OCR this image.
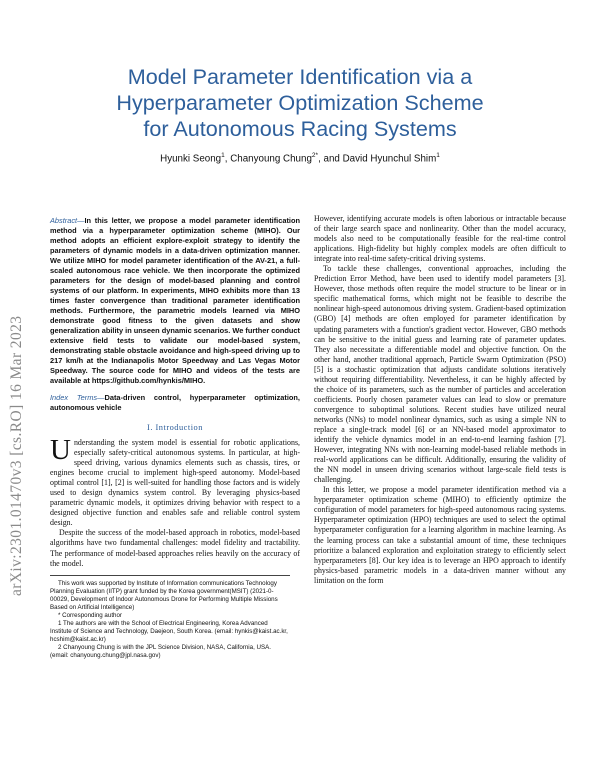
arXiv:2301.01470v3 [cs.RO] 16 Mar 2023
Model Parameter Identification via a
Hyperparameter Optimization Scheme
for Autonomous Racing Systems

Hyunki Seong$^1$, Chanyoung Chung$^{2*}$, and David Hyunchul Shim$^1$

Abstract—In this letter, we propose a model parameter identification method via a hyperparameter optimization scheme (MIHO). Our method adopts an efficient explore-exploit strategy to identify the parameters of dynamic models in a data-driven optimization manner. We utilize MIHO for model parameter identification of the AV-21, a full-scaled autonomous race vehicle. We then incorporate the optimized parameters for the design of model-based planning and control systems of our platform. In experiments, MIHO exhibits more than 13 times faster convergence than traditional parameter identification methods. Furthermore, the parametric models learned via MIHO demonstrate good fitness to the given datasets and show generalization ability in unseen dynamic scenarios. We further conduct extensive field tests to validate our model-based system, demonstrating stable obstacle avoidance and high-speed driving up to 217 km/h at the Indianapolis Motor Speedway and Las Vegas Motor Speedway. The source code for MIHO and videos of the tests are available at https://github.com/hynkis/MIHO.

Index Terms—Data-driven control, hyperparameter optimization, autonomous vehicle

I. Introduction

Understanding the system model is essential for robotic applications, especially safety-critical autonomous systems. In particular, at high-speed driving, various dynamics elements such as chassis, tires, or engines become crucial to implement high-speed autonomy. Model-based optimal control [1], [2] is well-suited for handling those factors and is widely used to design dynamics system control. By leveraging physics-based parametric dynamic models, it optimizes driving behavior with respect to a designed objective function and enables safe and reliable control system design.

Despite the success of the model-based approach in robotics, model-based algorithms have two fundamental challenges: model fidelity and tractability. The performance of model-based approaches relies heavily on the accuracy of the model.

This work was supported by Institute of Information communications Technology Planning Evaluation (IITP) grant funded by the Korea government(MSIT) (2021-0-00029, Development of Indoor Autonomous Drone for Performing Multiple Missions Based on Artificial Intelligence)

* Corresponding author

1 The authors are with the School of Electrical Engineering, Korea Advanced Institute of Science and Technology, Daejeon, South Korea. (email: hynkis@kaist.ac.kr, hcshim@kaist.ac.kr)

2 Chanyoung Chung is with the JPL Science Division, NASA, California, USA. (email: chanyoung.chung@jpl.nasa.gov)

However, identifying accurate models is often laborious or intractable because of their large search space and nonlinearity. Other than the model accuracy, models also need to be computationally feasible for the real-time control applications. High-fidelity but highly complex models are often difficult to integrate into real-time safety-critical driving systems.

To tackle these challenges, conventional approaches, including the Prediction Error Method, have been used to identify model parameters [3]. However, those methods often require the model structure to be linear or in specific mathematical forms, which might not be feasible to describe the nonlinear high-speed autonomous driving system. Gradient-based optimization (GBO) [4] methods are often employed for parameter identification by updating parameters with a function's gradient vector. However, GBO methods can be sensitive to the initial guess and learning rate of parameter updates. They also necessitate a differentiable model and objective function. On the other hand, another traditional approach, Particle Swarm Optimization (PSO) [5] is a stochastic optimization that adjusts candidate solutions iteratively without requiring differentiability. Nevertheless, it can be highly affected by the choice of its parameters, such as the number of particles and acceleration coefficients. Poorly chosen parameter values can lead to slow or premature convergence to suboptimal solutions. Recent studies have utilized neural networks (NNs) to model nonlinear dynamics, such as using a simple NN to replace a single-track model [6] or an NN-based model approximator to identify the vehicle dynamics model in an end-to-end learning fashion [7]. However, integrating NNs with non-learning model-based reliable methods in real-world applications can be difficult. Additionally, ensuring the validity of the NN model in unseen driving scenarios without large-scale field tests is challenging.

In this letter, we propose a model parameter identification method via a hyperparameter optimization scheme (MIHO) to efficiently optimize the configuration of model parameters for high-speed autonomous racing systems. Hyperparameter optimization (HPO) techniques are used to select the optimal hyperparameter configuration for a learning algorithm in machine learning. As the learning process can take a substantial amount of time, these techniques prioritize a balanced exploration and exploitation strategy to efficiently select hyperparameters [8]. Our key idea is to leverage an HPO approach to identify physics-based parametric models in a data-driven manner without any limitation on the form
